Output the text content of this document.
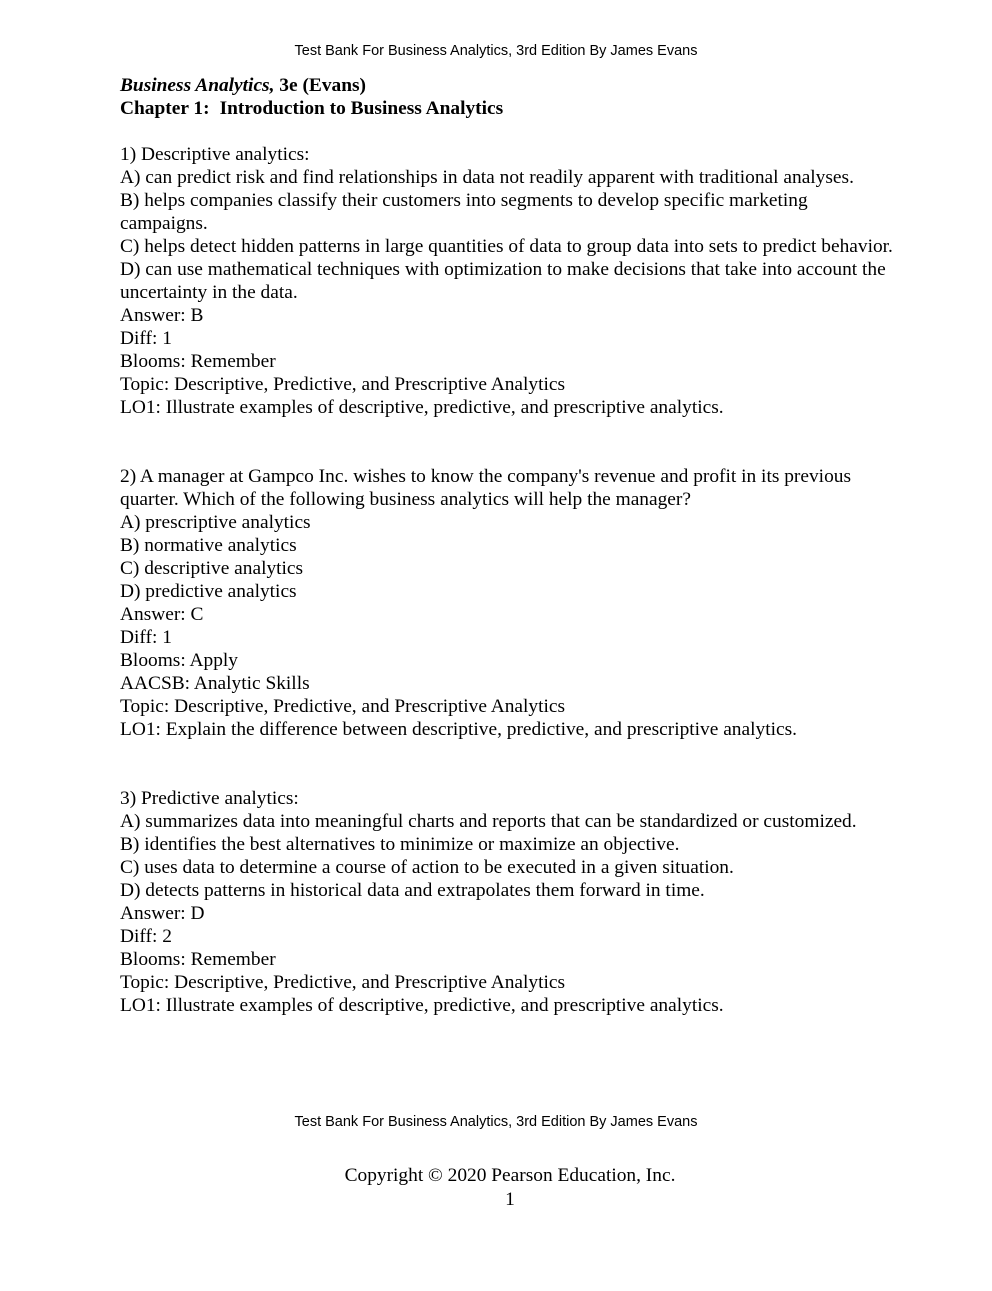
Test Bank For Business Analytics, 3rd Edition By James Evans
Business Analytics, 3e (Evans)
Chapter 1: Introduction to Business Analytics
1) Descriptive analytics:
A) can predict risk and find relationships in data not readily apparent with traditional analyses.
B) helps companies classify their customers into segments to develop specific marketing campaigns.
C) helps detect hidden patterns in large quantities of data to group data into sets to predict behavior.
D) can use mathematical techniques with optimization to make decisions that take into account the uncertainty in the data.
Answer: B
Diff: 1
Blooms: Remember
Topic: Descriptive, Predictive, and Prescriptive Analytics
LO1: Illustrate examples of descriptive, predictive, and prescriptive analytics.
2) A manager at Gampco Inc. wishes to know the company's revenue and profit in its previous quarter. Which of the following business analytics will help the manager?
A) prescriptive analytics
B) normative analytics
C) descriptive analytics
D) predictive analytics
Answer: C
Diff: 1
Blooms: Apply
AACSB: Analytic Skills
Topic: Descriptive, Predictive, and Prescriptive Analytics
LO1: Explain the difference between descriptive, predictive, and prescriptive analytics.
3) Predictive analytics:
A) summarizes data into meaningful charts and reports that can be standardized or customized.
B) identifies the best alternatives to minimize or maximize an objective.
C) uses data to determine a course of action to be executed in a given situation.
D) detects patterns in historical data and extrapolates them forward in time.
Answer: D
Diff: 2
Blooms: Remember
Topic: Descriptive, Predictive, and Prescriptive Analytics
LO1: Illustrate examples of descriptive, predictive, and prescriptive analytics.
Test Bank For Business Analytics, 3rd Edition By James Evans
Copyright © 2020 Pearson Education, Inc.
1
